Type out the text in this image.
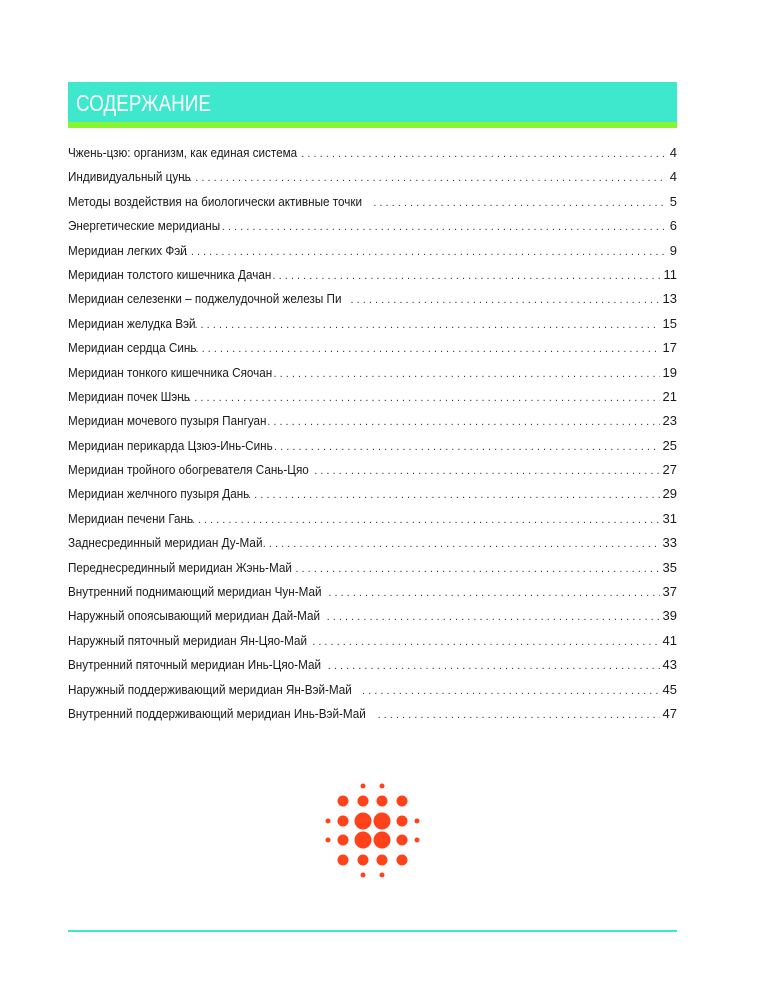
СОДЕРЖАНИЕ
Чжень-цзю: организм, как единая система . . .	4
Индивидуальный цунь . . .	4
Методы воздействия на биологически активные точки . . .	5
Энергетические меридианы . . .	6
Меридиан легких Фэй . . .	9
Меридиан толстого кишечника Дачан . . .	11
Меридиан селезенки – поджелудочной железы Пи . . .	13
Меридиан желудка Вэй . . .	15
Меридиан сердца Синь . . .	17
Меридиан тонкого кишечника Сяочан . . .	19
Меридиан почек Шэнь . . .	21
Меридиан мочевого пузыря Пангуан . . .	23
Меридиан перикарда Цзюэ-Инь-Синь . . .	25
Меридиан тройного обогревателя Сань-Цяо . . .	27
Меридиан желчного пузыря Дань . . .	29
Меридиан печени Гань . . .	31
Заднесрединный меридиан Ду-Май . . .	33
Переднесрединный меридиан Жэнь-Май . . .	35
Внутренний поднимающий меридиан Чун-Май . . .	37
Наружный опоясывающий меридиан Дай-Май . . .	39
Наружный пяточный меридиан Ян-Цяо-Май . . .	41
Внутренний пяточный меридиан Инь-Цяо-Май . . .	43
Наружный поддерживающий меридиан Ян-Вэй-Май . . .	45
Внутренний поддерживающий меридиан Инь-Вэй-Май . . .	47
